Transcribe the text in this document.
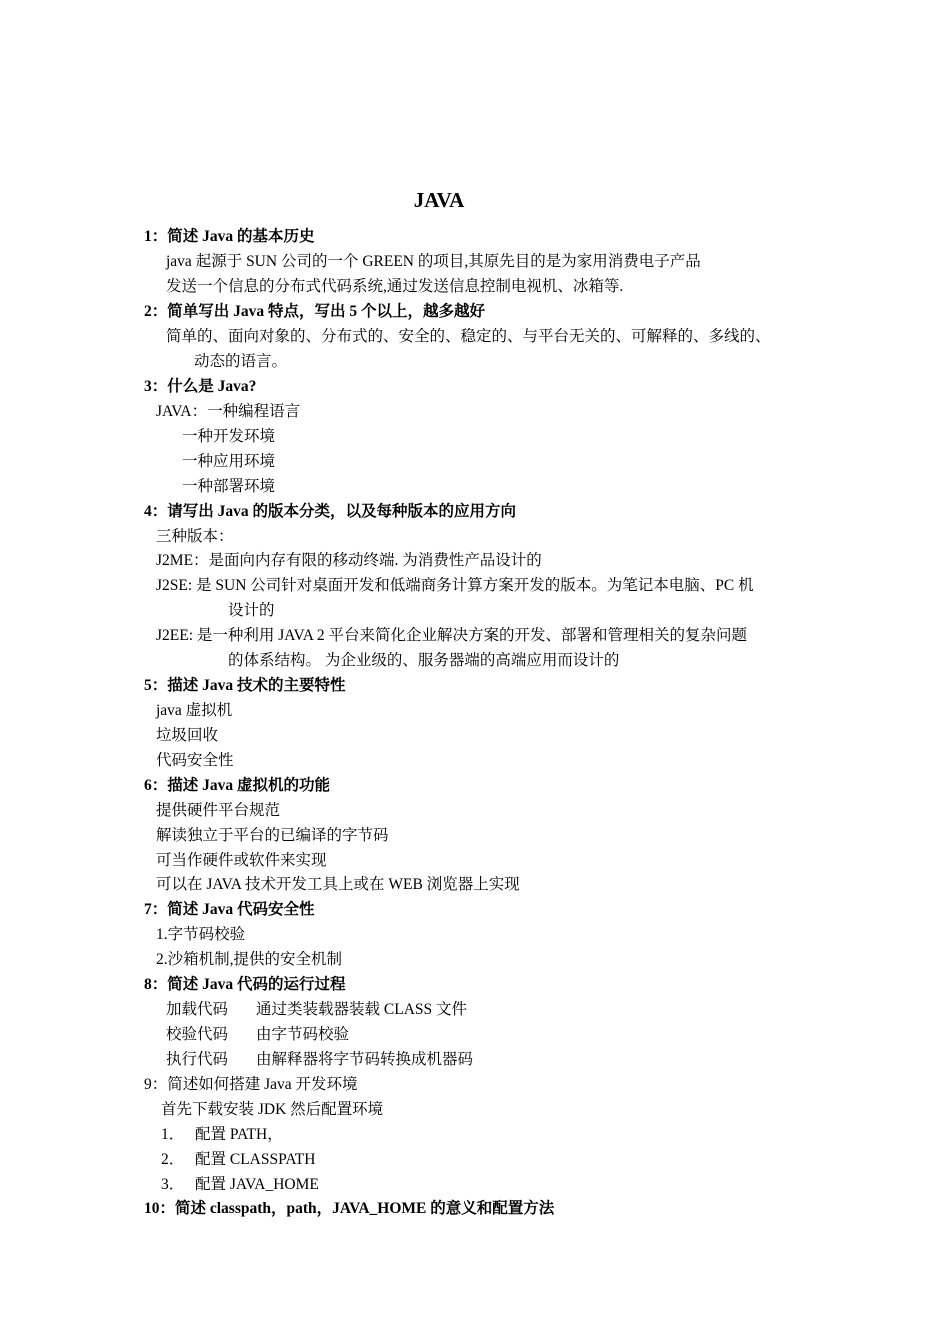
JAVA
1：简述 Java 的基本历史
java 起源于 SUN 公司的一个 GREEN 的项目,其原先目的是为家用消费电子产品
发送一个信息的分布式代码系统,通过发送信息控制电视机、冰箱等.
2：简单写出 Java 特点，写出 5 个以上，越多越好
简单的、面向对象的、分布式的、安全的、稳定的、与平台无关的、可解释的、多线的、
动态的语言。
3：什么是 Java?
JAVA：一种编程语言
一种开发环境
一种应用环境
一种部署环境
4：请写出 Java 的版本分类，以及每种版本的应用方向
三种版本：
J2ME：是面向内存有限的移动终端. 为消费性产品设计的
J2SE: 是 SUN 公司针对桌面开发和低端商务计算方案开发的版本。为笔记本电脑、PC 机
设计的
J2EE: 是一种利用 JAVA 2 平台来简化企业解决方案的开发、部署和管理相关的复杂问题
的体系结构。 为企业级的、服务器端的高端应用而设计的
5：描述 Java 技术的主要特性
java 虚拟机
垃圾回收
代码安全性
6：描述 Java 虚拟机的功能
提供硬件平台规范
解读独立于平台的已编译的字节码
可当作硬件或软件来实现
可以在 JAVA 技术开发工具上或在 WEB 浏览器上实现
7：简述 Java 代码安全性
1.字节码校验
2.沙箱机制,提供的安全机制
8：简述 Java 代码的运行过程
加载代码 通过类装载器装载 CLASS 文件
校验代码 由字节码校验
执行代码 由解释器将字节码转换成机器码
9：简述如何搭建 Java 开发环境
首先下载安装 JDK 然后配置环境
1． 配置 PATH，
2． 配置 CLASSPATH
3． 配置 JAVA_HOME
10：简述 classpath，path，JAVA_HOME 的意义和配置方法
